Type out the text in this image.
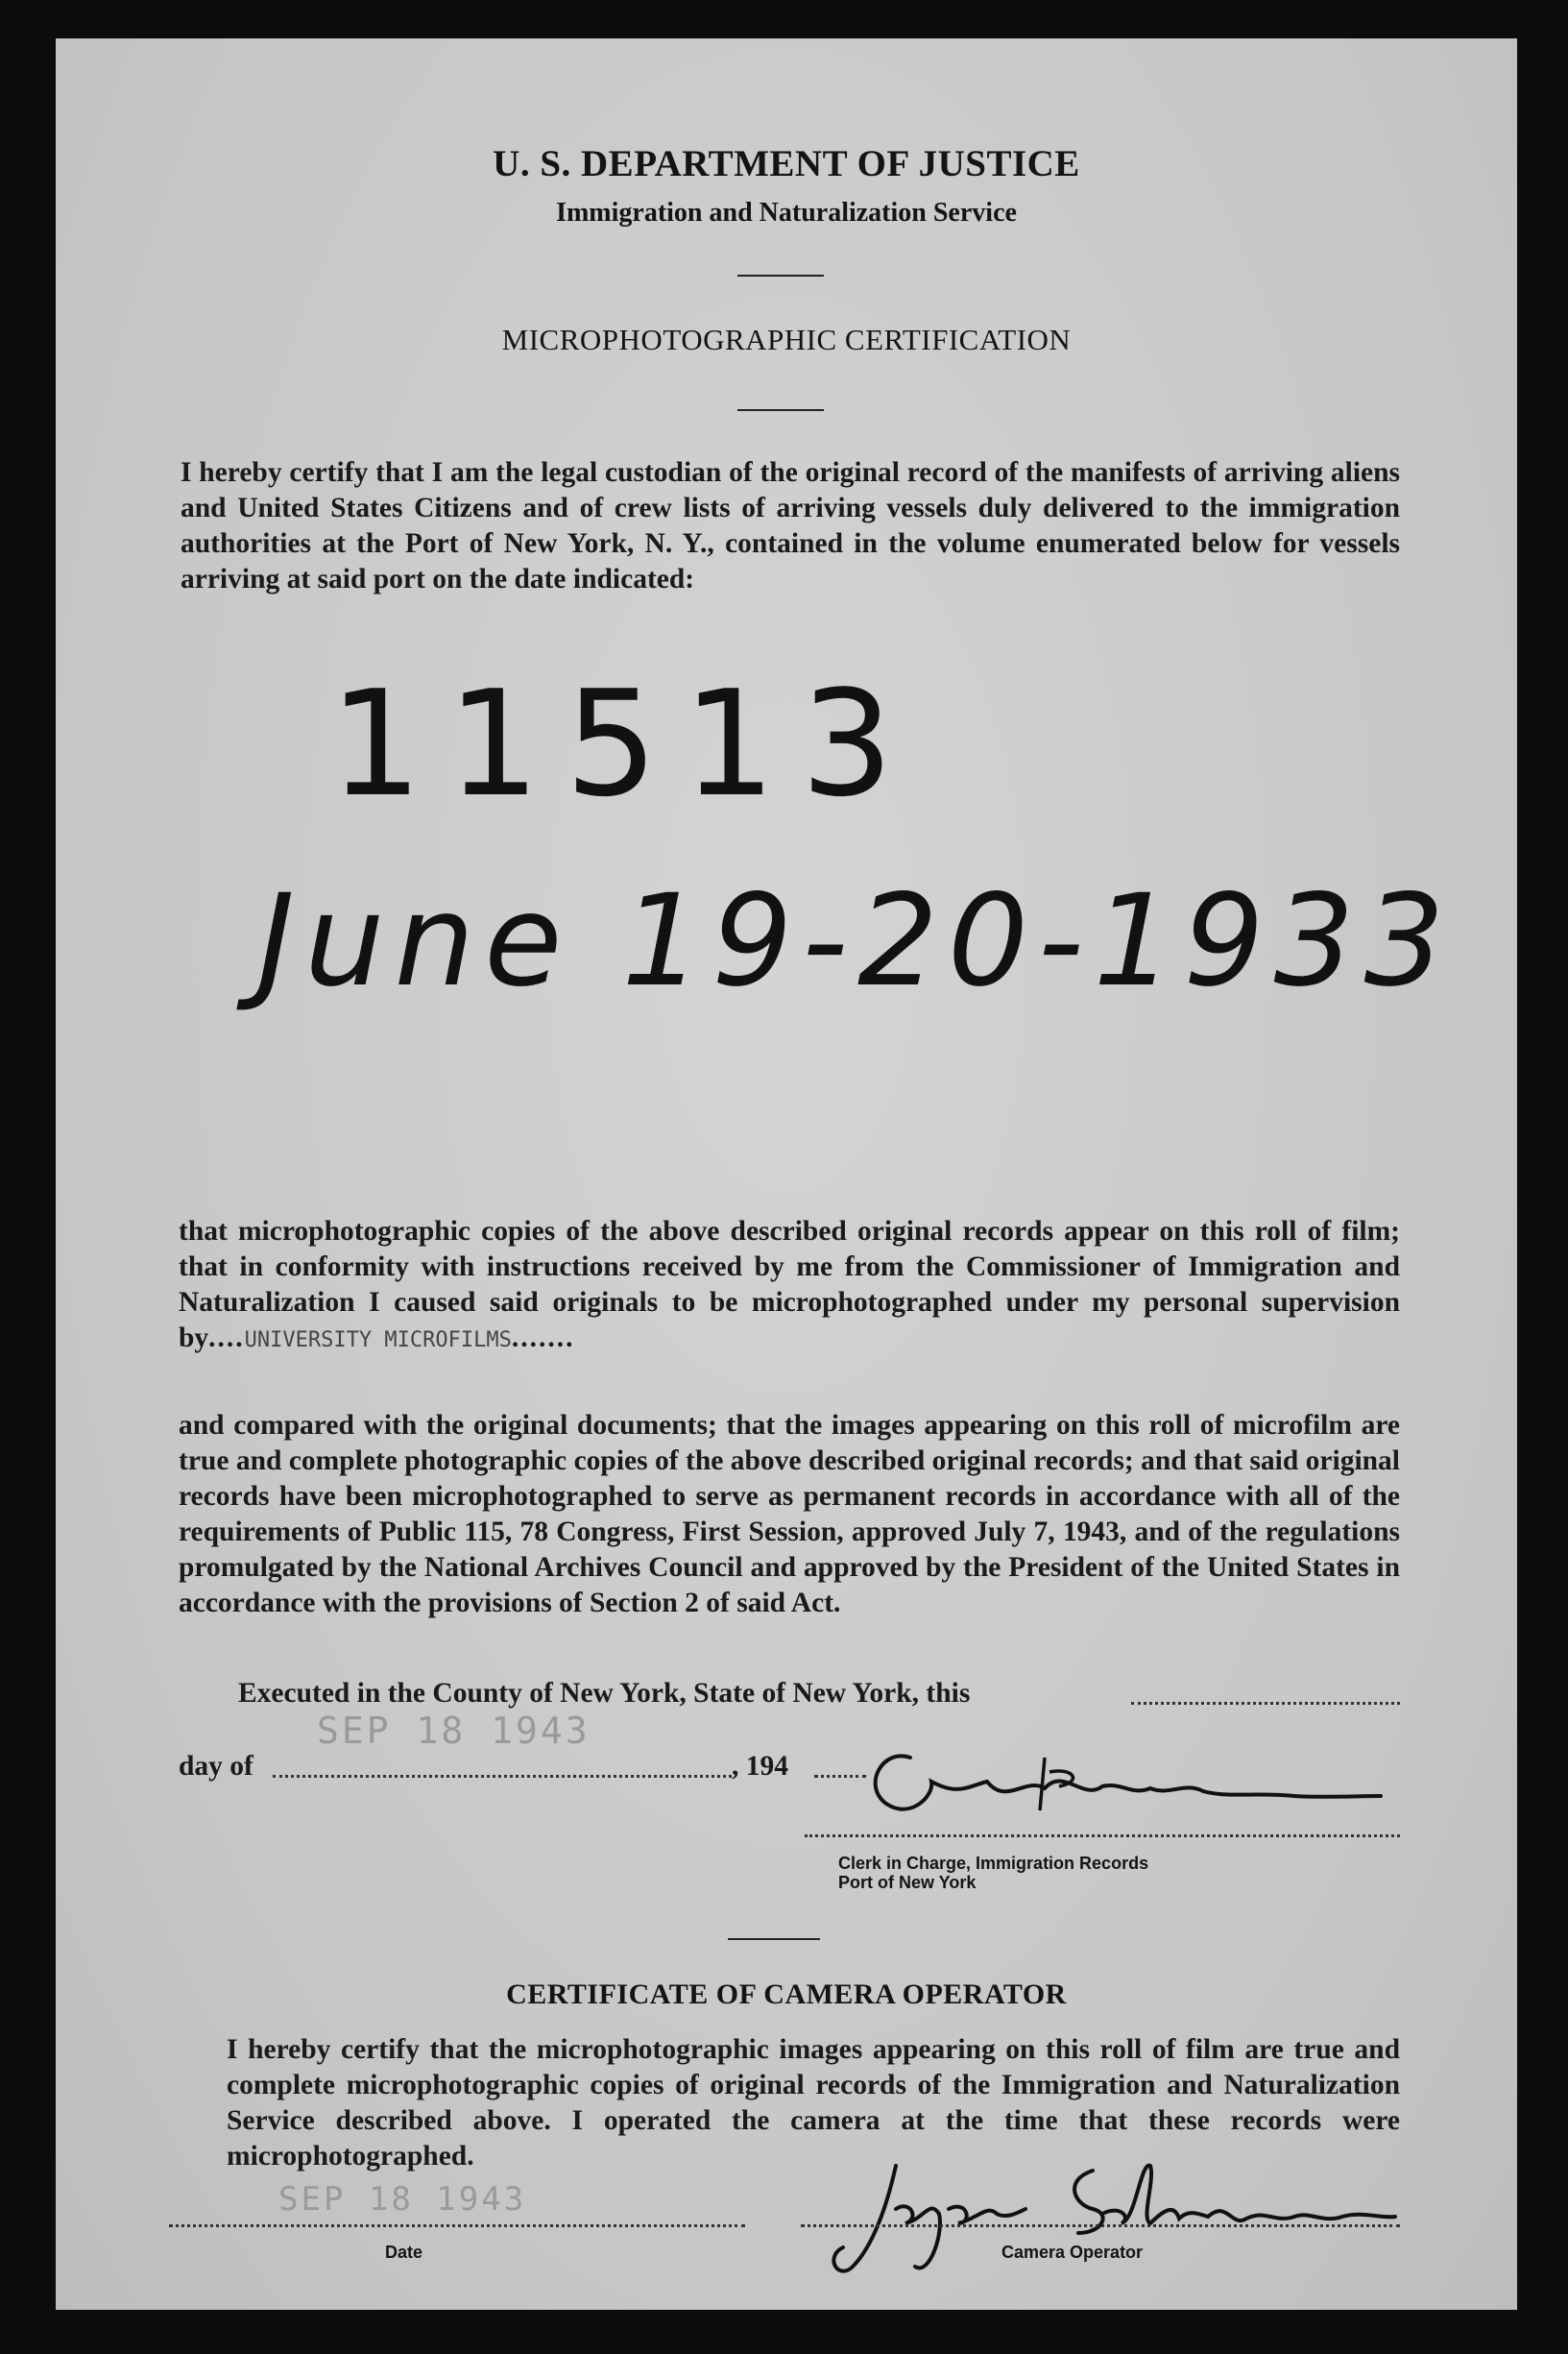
U. S. DEPARTMENT OF JUSTICE
Immigration and Naturalization Service
MICROPHOTOGRAPHIC CERTIFICATION
I hereby certify that I am the legal custodian of the original record of the manifests of arriving aliens and United States Citizens and of crew lists of arriving vessels duly delivered to the immigration authorities at the Port of New York, N. Y., contained in the volume enumerated below for vessels arriving at said port on the date indicated:
11513
June 19-20-1933
that microphotographic copies of the above described original records appear on this roll of film; that in conformity with instructions received by me from the Commissioner of Immigration and Naturalization I caused said originals to be microphotographed under my personal supervision by....UNIVERSITY MICROFILMS.......
and compared with the original documents; that the images appearing on this roll of microfilm are true and complete photographic copies of the above described original records; and that said original records have been microphotographed to serve as permanent records in accordance with all of the requirements of Public 115, 78 Congress, First Session, approved July 7, 1943, and of the regulations promulgated by the National Archives Council and approved by the President of the United States in accordance with the provisions of Section 2 of said Act.
Executed in the County of New York, State of New York, this
SEP 18 1943
day of	, 194
Geo. Baecher
Clerk in Charge, Immigration Records
Port of New York
CERTIFICATE OF CAMERA OPERATOR
I hereby certify that the microphotographic images appearing on this roll of film are true and complete microphotographic copies of original records of the Immigration and Naturalization Service described above. I operated the camera at the time that these records were microphotographed.
SEP 18 1943
Date
Joyce Schlossmann
Camera Operator
